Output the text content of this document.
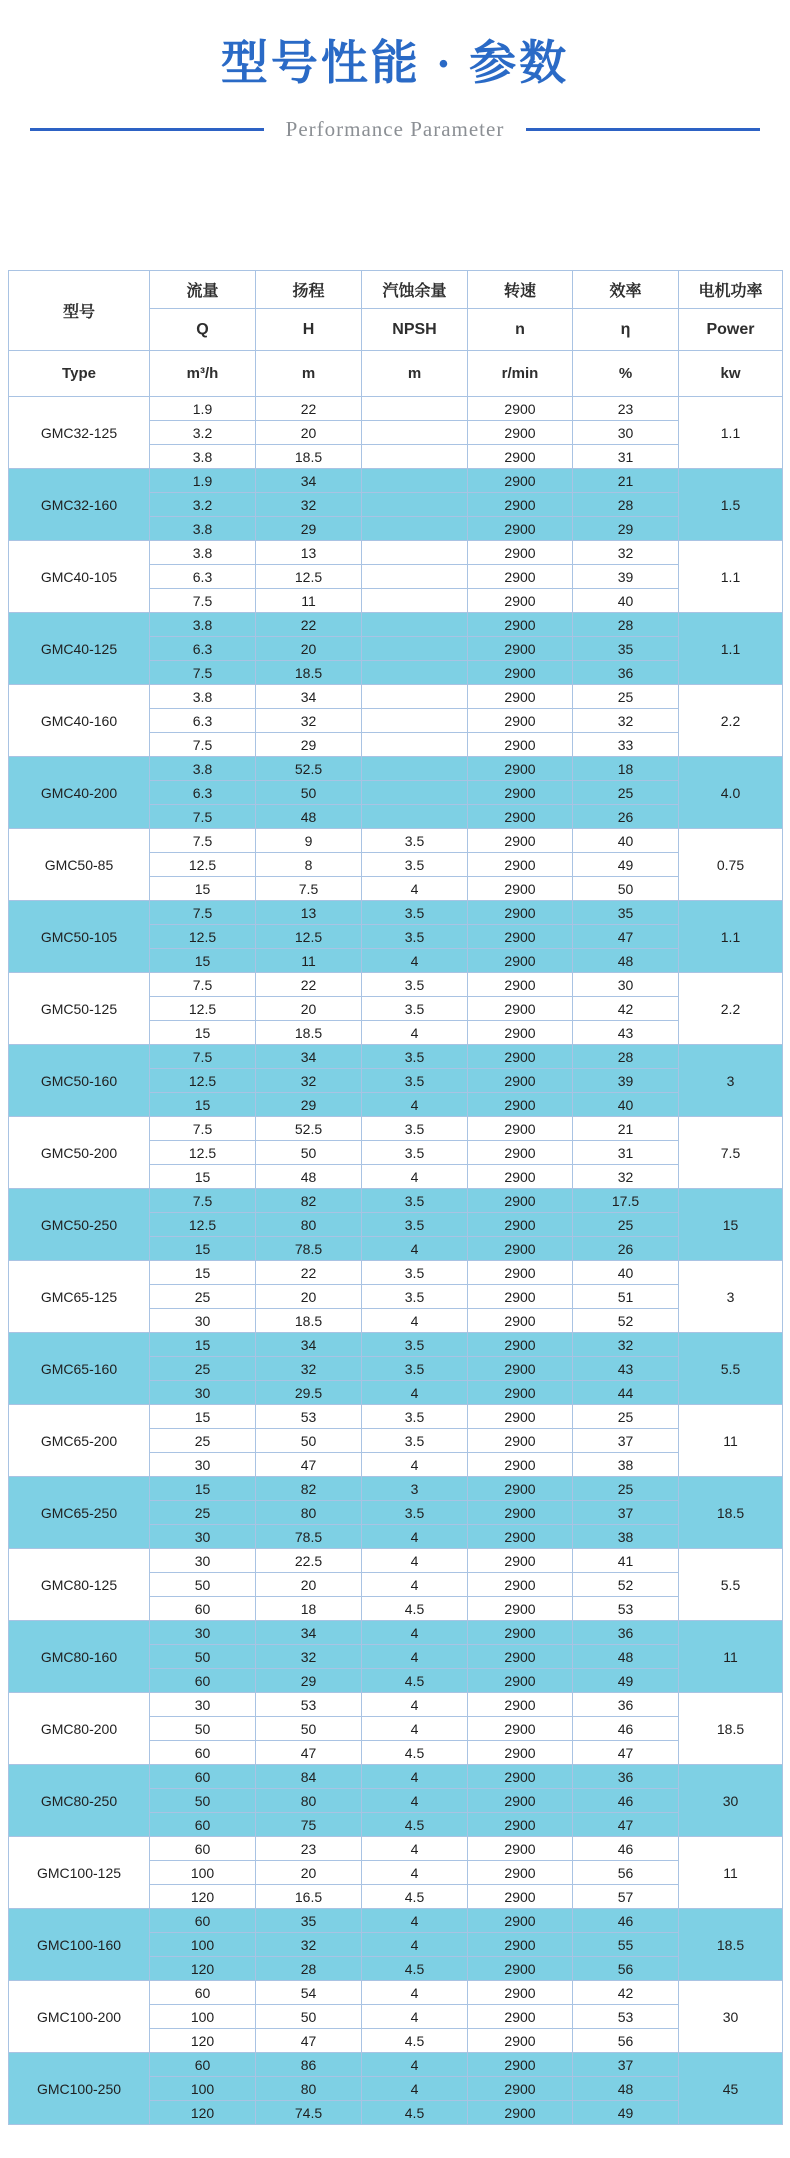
型号性能 · 参数
Performance Parameter
型号	流量	扬程	汽蚀余量	转速	效率	电机功率
	Q	H	NPSH	n	η	Power
Type	m³/h	m	m	r/min	%	kw
GMC32-125	1.9	22		2900	23	1.1
	3.2	20		2900	30	
	3.8	18.5		2900	31	
GMC32-160	1.9	34		2900	21	1.5
	3.2	32		2900	28	
	3.8	29		2900	29	
GMC40-105	3.8	13		2900	32	1.1
	6.3	12.5		2900	39	
	7.5	11		2900	40	
GMC40-125	3.8	22		2900	28	1.1
	6.3	20		2900	35	
	7.5	18.5		2900	36	
GMC40-160	3.8	34		2900	25	2.2
	6.3	32		2900	32	
	7.5	29		2900	33	
GMC40-200	3.8	52.5		2900	18	4.0
	6.3	50		2900	25	
	7.5	48		2900	26	
GMC50-85	7.5	9	3.5	2900	40	0.75
	12.5	8	3.5	2900	49	
	15	7.5	4	2900	50	
GMC50-105	7.5	13	3.5	2900	35	1.1
	12.5	12.5	3.5	2900	47	
	15	11	4	2900	48	
GMC50-125	7.5	22	3.5	2900	30	2.2
	12.5	20	3.5	2900	42	
	15	18.5	4	2900	43	
GMC50-160	7.5	34	3.5	2900	28	3
	12.5	32	3.5	2900	39	
	15	29	4	2900	40	
GMC50-200	7.5	52.5	3.5	2900	21	7.5
	12.5	50	3.5	2900	31	
	15	48	4	2900	32	
GMC50-250	7.5	82	3.5	2900	17.5	15
	12.5	80	3.5	2900	25	
	15	78.5	4	2900	26	
GMC65-125	15	22	3.5	2900	40	3
	25	20	3.5	2900	51	
	30	18.5	4	2900	52	
GMC65-160	15	34	3.5	2900	32	5.5
	25	32	3.5	2900	43	
	30	29.5	4	2900	44	
GMC65-200	15	53	3.5	2900	25	11
	25	50	3.5	2900	37	
	30	47	4	2900	38	
GMC65-250	15	82	3	2900	25	18.5
	25	80	3.5	2900	37	
	30	78.5	4	2900	38	
GMC80-125	30	22.5	4	2900	41	5.5
	50	20	4	2900	52	
	60	18	4.5	2900	53	
GMC80-160	30	34	4	2900	36	11
	50	32	4	2900	48	
	60	29	4.5	2900	49	
GMC80-200	30	53	4	2900	36	18.5
	50	50	4	2900	46	
	60	47	4.5	2900	47	
GMC80-250	60	84	4	2900	36	30
	50	80	4	2900	46	
	60	75	4.5	2900	47	
GMC100-125	60	23	4	2900	46	11
	100	20	4	2900	56	
	120	16.5	4.5	2900	57	
GMC100-160	60	35	4	2900	46	18.5
	100	32	4	2900	55	
	120	28	4.5	2900	56	
GMC100-200	60	54	4	2900	42	30
	100	50	4	2900	53	
	120	47	4.5	2900	56	
GMC100-250	60	86	4	2900	37	45
	100	80	4	2900	48	
	120	74.5	4.5	2900	49	
